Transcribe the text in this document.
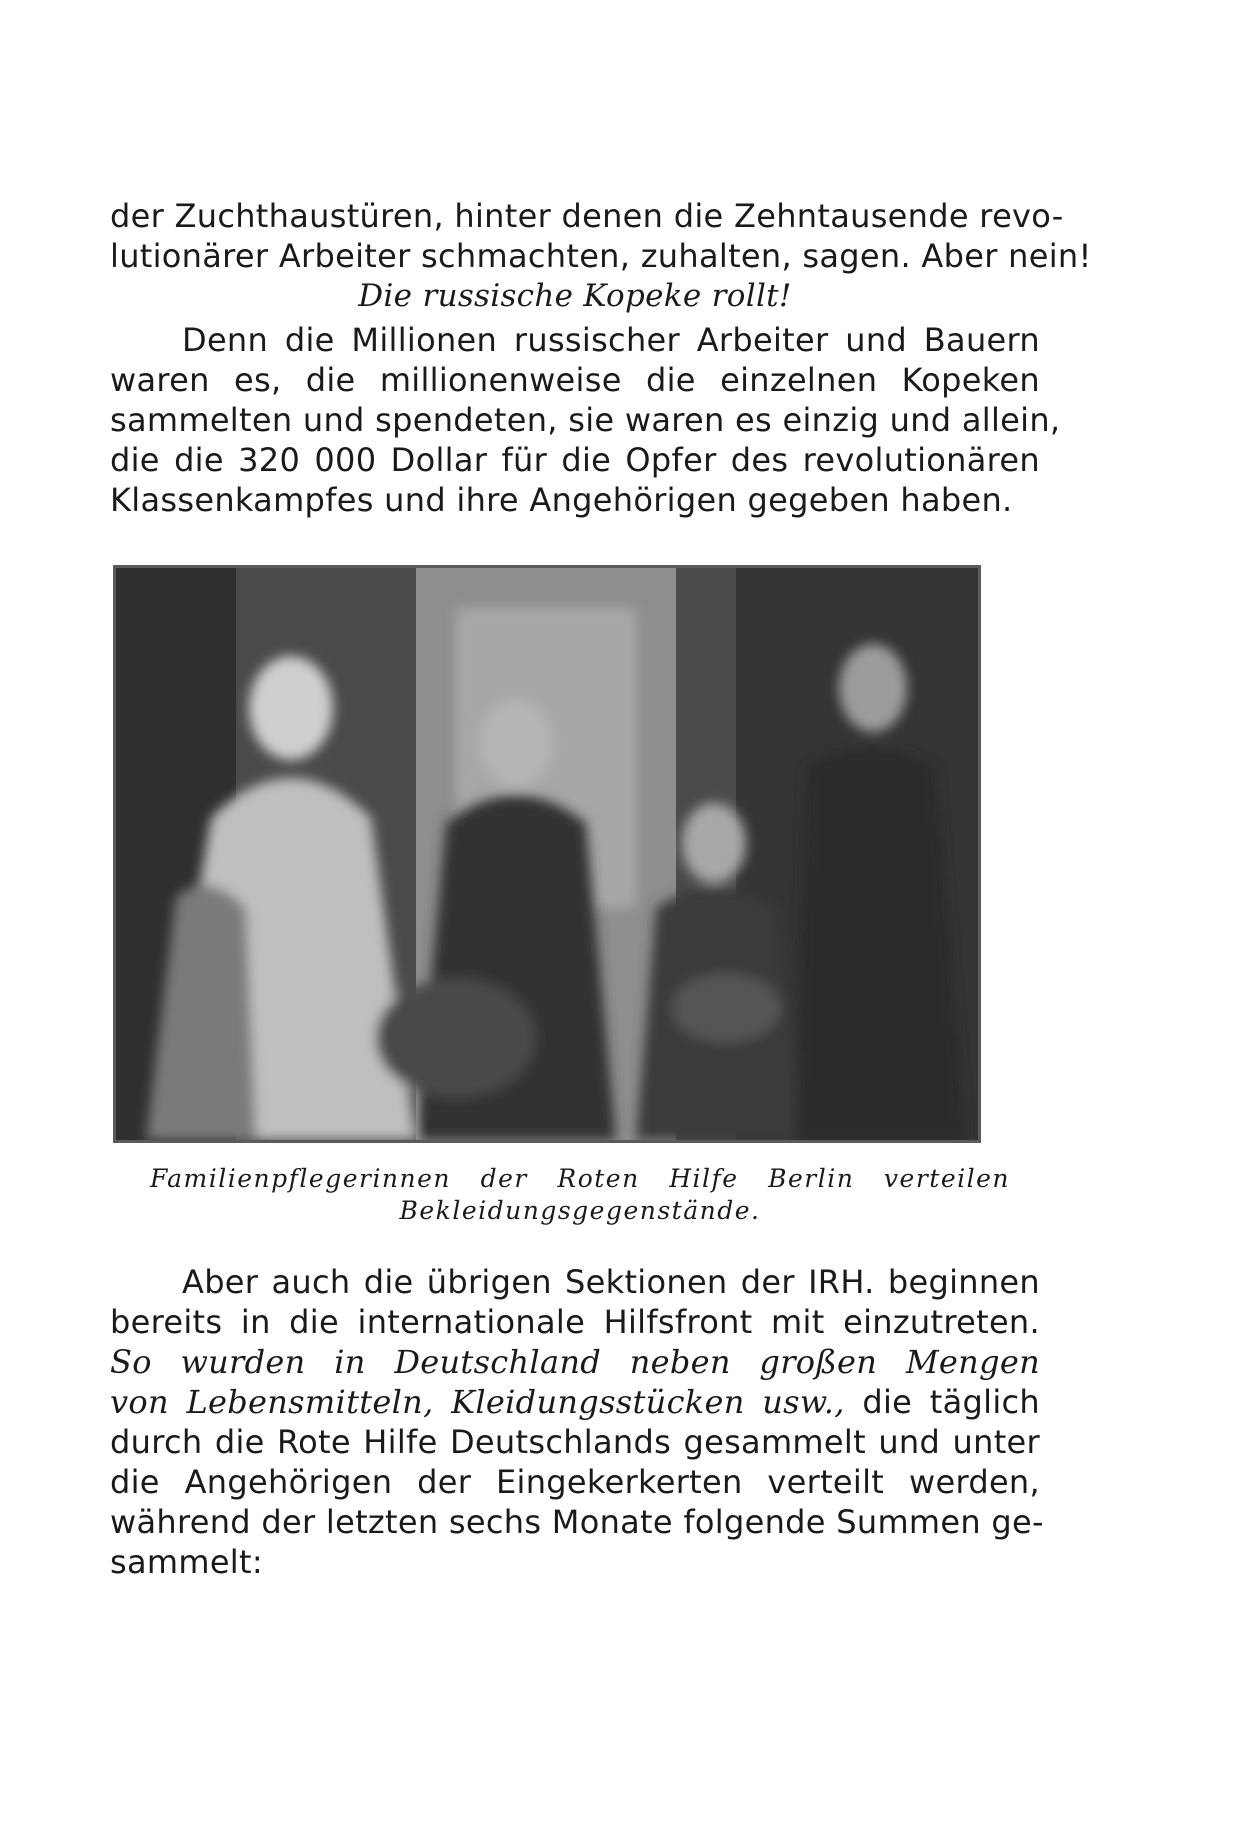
der Zuchthaustüren, hinter denen die Zehntausende revo-
lutionärer Arbeiter schmachten, zuhalten, sagen. Aber nein!
Die russische Kopeke rollt!
Denn die Millionen russischer Arbeiter und Bauern
waren es, die millionenweise die einzelnen Kopeken
sammelten und spendeten, sie waren es einzig und allein,
die die 320 000 Dollar für die Opfer des revolutionären
Klassenkampfes und ihre Angehörigen gegeben haben.
Familienpflegerinnen der Roten Hilfe Berlin verteilen
Bekleidungsgegenstände.
Aber auch die übrigen Sektionen der IRH. beginnen
bereits in die internationale Hilfsfront mit einzutreten.
So wurden in Deutschland neben großen Mengen
von Lebensmitteln, Kleidungsstücken usw., die täglich
durch die Rote Hilfe Deutschlands gesammelt und unter
die Angehörigen der Eingekerkerten verteilt werden,
während der letzten sechs Monate folgende Summen ge-
sammelt:
